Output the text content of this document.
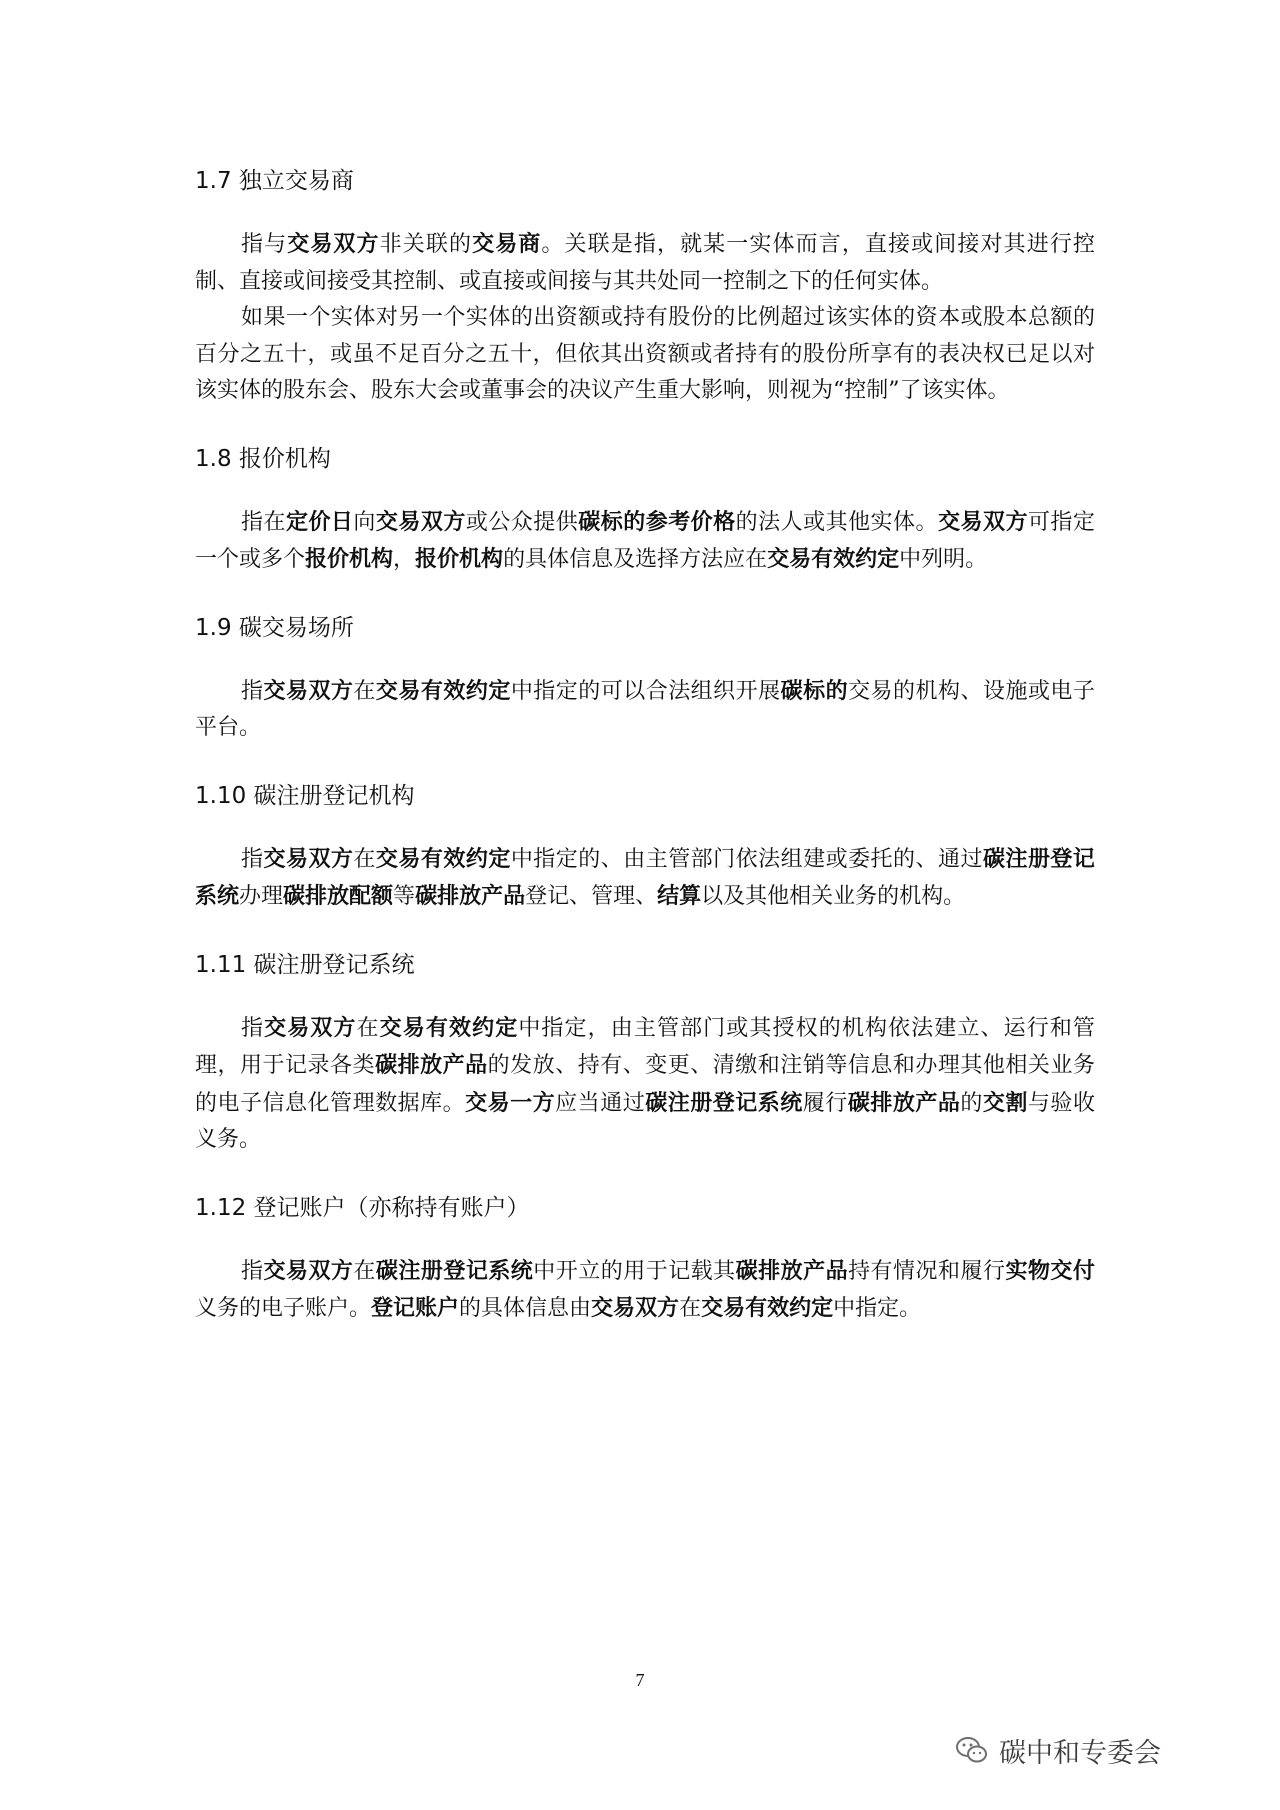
1.7 独立交易商

指与交易双方非关联的交易商。关联是指，就某一实体而言，直接或间接对其进行控制、直接或间接受其控制、或直接或间接与其共处同一控制之下的任何实体。

如果一个实体对另一个实体的出资额或持有股份的比例超过该实体的资本或股本总额的百分之五十，或虽不足百分之五十，但依其出资额或者持有的股份所享有的表决权已足以对该实体的股东会、股东大会或董事会的决议产生重大影响，则视为“控制”了该实体。

1.8 报价机构

指在定价日向交易双方或公众提供碳标的参考价格的法人或其他实体。交易双方可指定一个或多个报价机构，报价机构的具体信息及选择方法应在交易有效约定中列明。

1.9 碳交易场所

指交易双方在交易有效约定中指定的可以合法组织开展碳标的交易的机构、设施或电子平台。

1.10 碳注册登记机构

指交易双方在交易有效约定中指定的、由主管部门依法组建或委托的、通过碳注册登记系统办理碳排放配额等碳排放产品登记、管理、结算以及其他相关业务的机构。

1.11 碳注册登记系统

指交易双方在交易有效约定中指定，由主管部门或其授权的机构依法建立、运行和管理，用于记录各类碳排放产品的发放、持有、变更、清缴和注销等信息和办理其他相关业务的电子信息化管理数据库。交易一方应当通过碳注册登记系统履行碳排放产品的交割与验收义务。

1.12 登记账户（亦称持有账户）

指交易双方在碳注册登记系统中开立的用于记载其碳排放产品持有情况和履行实物交付义务的电子账户。登记账户的具体信息由交易双方在交易有效约定中指定。

7
碳中和专委会
